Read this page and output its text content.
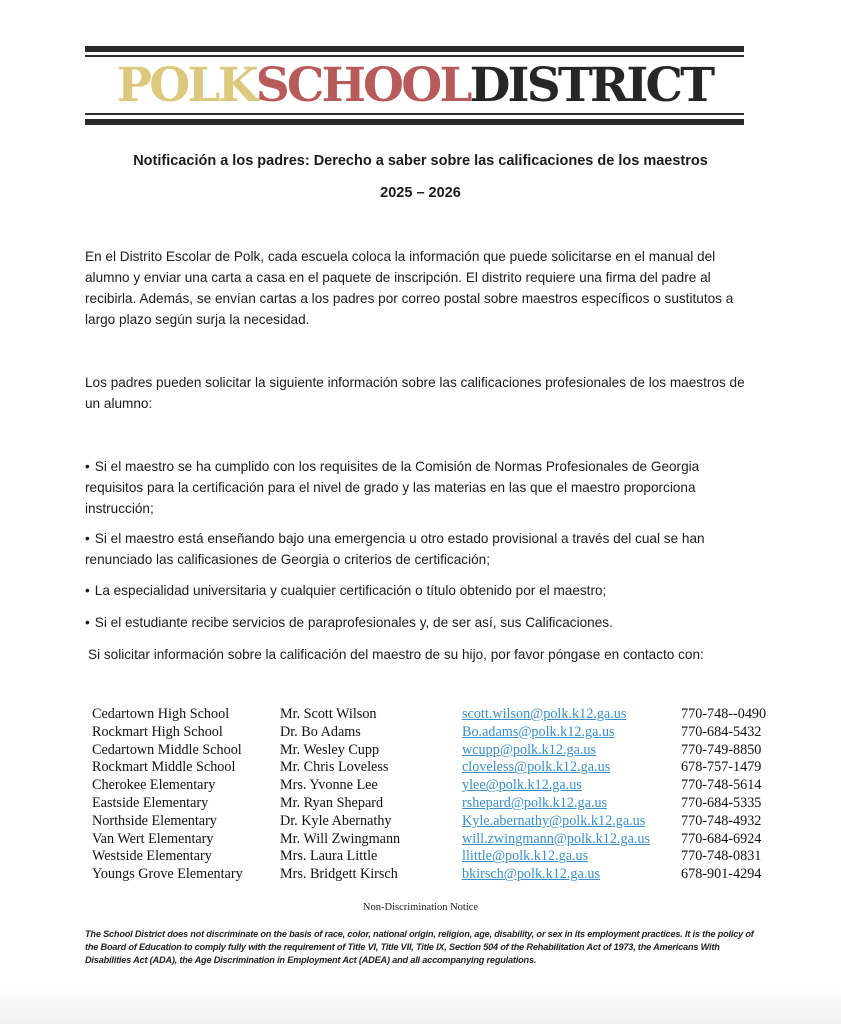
POLKSCHOOLDISTRICT
Notificación a los padres: Derecho a saber sobre las calificaciones de los maestros
2025 – 2026
En el Distrito Escolar de Polk, cada escuela coloca la información que puede solicitarse en el manual del alumno y enviar una carta a casa en el paquete de inscripción. El distrito requiere una firma del padre al recibirla. Además, se envían cartas a los padres por correo postal sobre maestros específicos o sustitutos a largo plazo según surja la necesidad.
Los padres pueden solicitar la siguiente información sobre las calificaciones profesionales de los maestros de un alumno:
• Si el maestro se ha cumplido con los requisites de la Comisión de Normas Profesionales de Georgia requisitos para la certificación para el nivel de grado y las materias en las que el maestro proporciona instrucción;
• Si el maestro está enseñando bajo una emergencia u otro estado provisional a través del cual se han renunciado las calificasiones de Georgia o criterios de certificación;
• La especialidad universitaria y cualquier certificación o título obtenido por el maestro;
• Si el estudiante recibe servicios de paraprofesionales y, de ser así, sus Calificaciones.
Si solicitar información sobre la calificación del maestro de su hijo, por favor póngase en contacto con:
Cedartown High School	Mr. Scott Wilson	scott.wilson@polk.k12.ga.us	770-748--0490
Rockmart High School	Dr. Bo Adams	Bo.adams@polk.k12.ga.us	770-684-5432
Cedartown Middle School	Mr. Wesley Cupp	wcupp@polk.k12.ga.us	770-749-8850
Rockmart Middle School	Mr. Chris Loveless	cloveless@polk.k12.ga.us	678-757-1479
Cherokee Elementary	Mrs. Yvonne Lee	ylee@polk.k12.ga.us	770-748-5614
Eastside Elementary	Mr. Ryan Shepard	rshepard@polk.k12.ga.us	770-684-5335
Northside Elementary	Dr. Kyle Abernathy	Kyle.abernathy@polk.k12.ga.us	770-748-4932
Van Wert Elementary	Mr. Will Zwingmann	will.zwingmann@polk.k12.ga.us 770-684-6924
Westside Elementary	Mrs. Laura Little	llittle@polk.k12.ga.us	770-748-0831
Youngs Grove Elementary	Mrs. Bridgett Kirsch	bkirsch@polk.k12.ga.us	678-901-4294
Non-Discrimination Notice
The School District does not discriminate on the basis of race, color, national origin, religion, age, disability, or sex in its employment practices. It is the policy of the Board of Education to comply fully with the requirement of Title VI, Title VII, Title IX, Section 504 of the Rehabilitation Act of 1973, the Americans With Disabilities Act (ADA), the Age Discrimination in Employment Act (ADEA) and all accompanying regulations.
